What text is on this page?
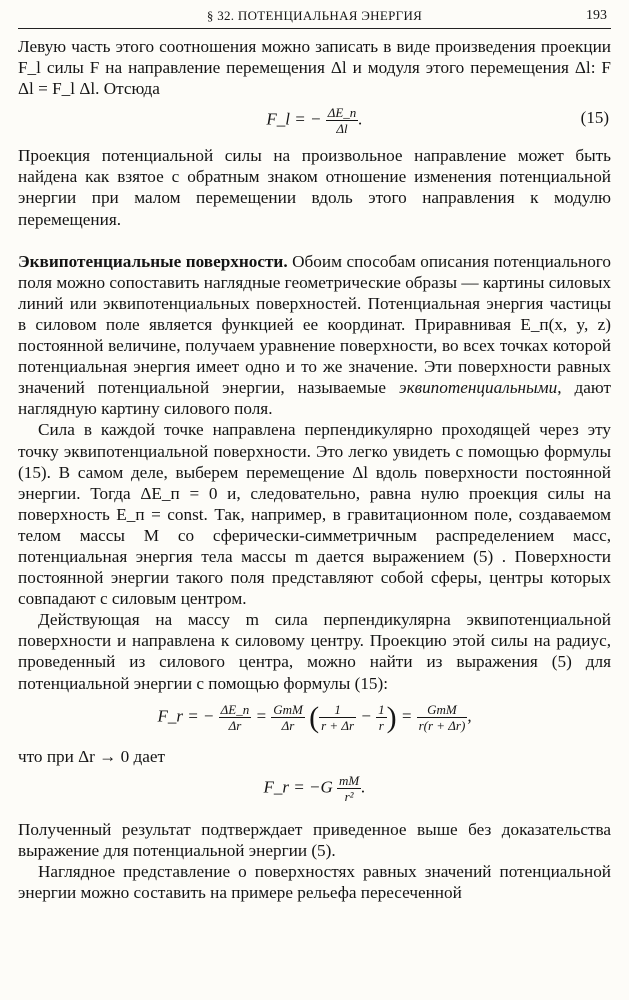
§ 32. ПОТЕНЦИАЛЬНАЯ ЭНЕРГИЯ	193

Левую часть этого соотношения можно записать в виде произведения проекции F_l силы F на направление перемещения Δl и модуля этого перемещения Δl: F Δl = F_l Δl. Отсюда

F_l = − $\frac{\Delta E\_п}{\Delta l}$ .	(15)

Проекция потенциальной силы на произвольное направление может быть найдена как взятое с обратным знаком отношение изменения потенциальной энергии при малом перемещении вдоль этого направления к модулю перемещения.

Эквипотенциальные поверхности. Обоим способам описания потенциального поля можно сопоставить наглядные геометрические образы — картины силовых линий или эквипотенциальных поверхностей. Потенциальная энергия частицы в силовом поле является функцией ее координат. Приравнивая E_п(x, y, z) постоянной величине, получаем уравнение поверхности, во всех точках которой потенциальная энергия имеет одно и то же значение. Эти поверхности равных значений потенциальной энергии, называемые эквипотенциальными, дают наглядную картину силового поля.

Сила в каждой точке направлена перпендикулярно проходящей через эту точку эквипотенциальной поверхности. Это легко увидеть с помощью формулы (15). В самом деле, выберем перемещение Δl вдоль поверхности постоянной энергии. Тогда ΔE_п = 0 и, следовательно, равна нулю проекция силы на поверхность E_п = const. Так, например, в гравитационном поле, создаваемом телом массы M со сферически-симметричным распределением масс, потенциальная энергия тела массы m дается выражением (5) . Поверхности постоянной энергии такого поля представляют собой сферы, центры которых совпадают с силовым центром.

Действующая на массу m сила перпендикулярна эквипотенциальной поверхности и направлена к силовому центру. Проекцию этой силы на радиус, проведенный из силового центра, можно найти из выражения (5) для потенциальной энергии с помощью формулы (15):

F_r = − $\frac{\Delta E\_п}{\Delta r} = \frac{\text{GmM}}{\Delta r}$ ( $\frac{1}{r + \Delta r} - \frac{1}{r}$ ) = $\frac{\text{GmM}}{r(r + \Delta r)}$ ,

что при Δr → 0 дает

F_r = $-G \frac{mM}{\text{r²}}$ .

Полученный результат подтверждает приведенное выше без доказательства выражение для потенциальной энергии (5).

Наглядное представление о поверхностях равных значений потенциальной энергии можно составить на примере рельефа пересеченной
